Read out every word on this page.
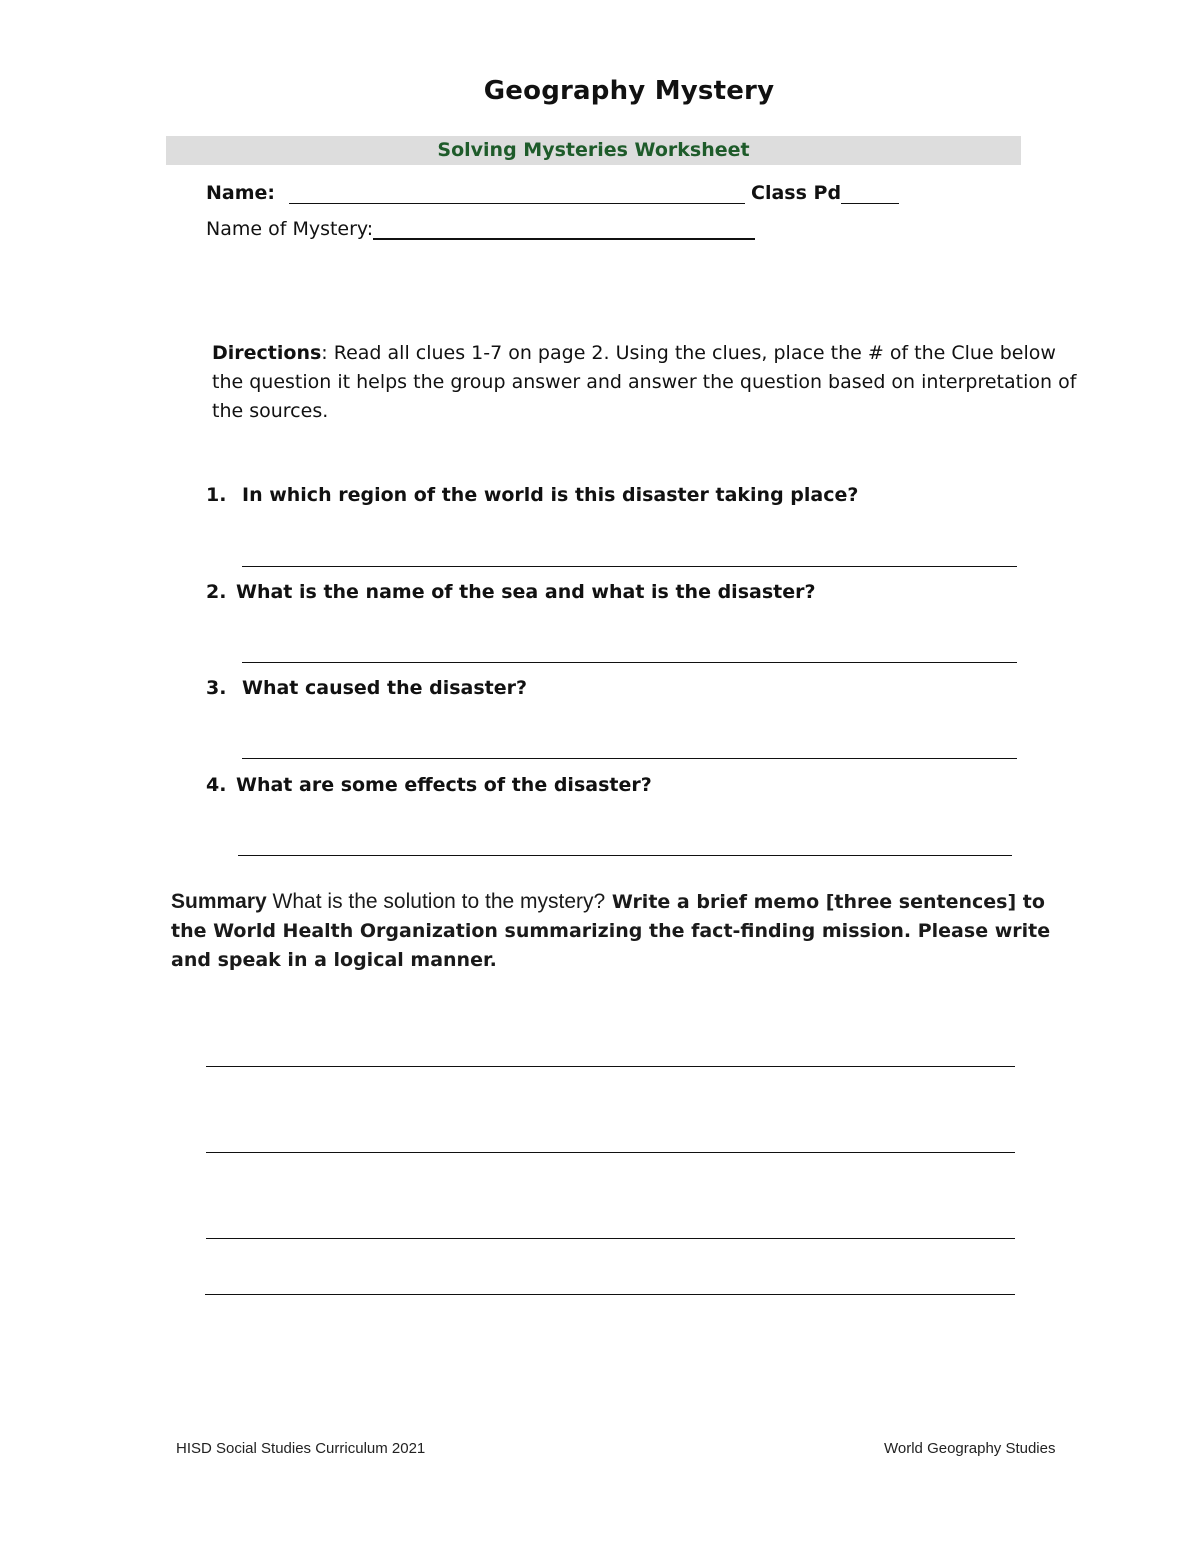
Geography Mystery
Solving Mysteries Worksheet
Name:	Class Pd
Name of Mystery:
Directions: Read all clues 1-7 on page 2. Using the clues, place the # of the Clue below the question it helps the group answer and answer the question based on interpretation of the sources.
1. In which region of the world is this disaster taking place?
2. What is the name of the sea and what is the disaster?
3. What caused the disaster?
4. What are some effects of the disaster?
Summary What is the solution to the mystery? Write a brief memo [three sentences] to the World Health Organization summarizing the fact-finding mission. Please write and speak in a logical manner.
HISD Social Studies Curriculum 2021	World Geography Studies
